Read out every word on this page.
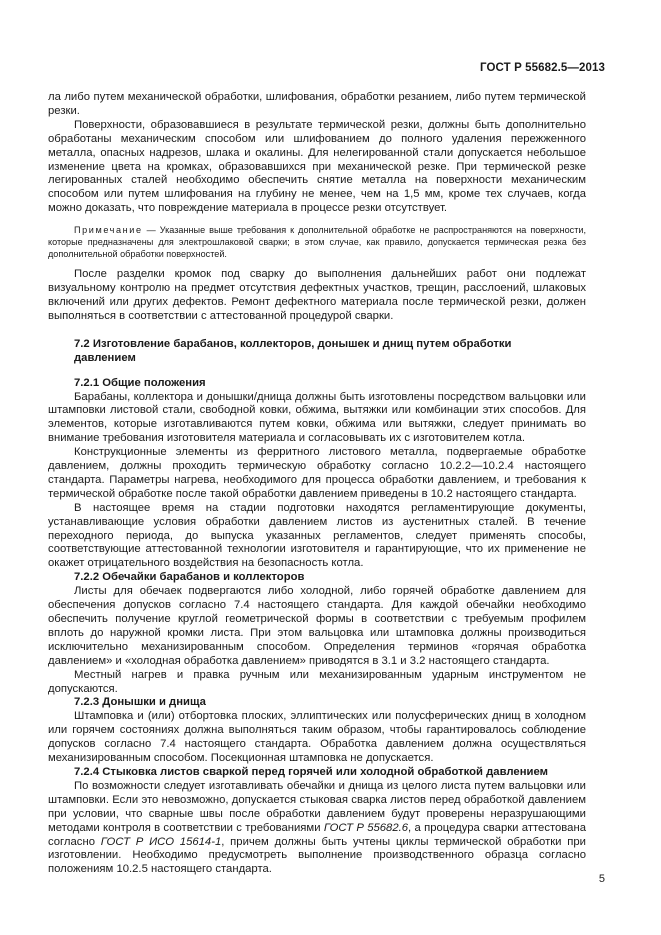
ГОСТ Р 55682.5—2013

ла либо путем механической обработки, шлифования, обработки резанием, либо путем термической резки.

Поверхности, образовавшиеся в результате термической резки, должны быть дополнительно обработаны механическим способом или шлифованием до полного удаления пережженного металла, опасных надрезов, шлака и окалины. Для нелегированной стали допускается небольшое изменение цвета на кромках, образовавшихся при механической резке. При термической резке легированных сталей необходимо обеспечить снятие металла на поверхности механическим способом или путем шлифования на глубину не менее, чем на 1,5 мм, кроме тех случаев, когда можно доказать, что повреждение материала в процессе резки отсутствует.

Примечание — Указанные выше требования к дополнительной обработке не распространяются на поверхности, которые предназначены для электрошлаковой сварки; в этом случае, как правило, допускается термическая резка без дополнительной обработки поверхностей.

После разделки кромок под сварку до выполнения дальнейших работ они подлежат визуальному контролю на предмет отсутствия дефектных участков, трещин, расслоений, шлаковых включений или других дефектов. Ремонт дефектного материала после термической резки, должен выполняться в соответствии с аттестованной процедурой сварки.

7.2 Изготовление барабанов, коллекторов, донышек и днищ путем обработки давлением
7.2.1 Общие положения

Барабаны, коллектора и донышки/днища должны быть изготовлены посредством вальцовки или штамповки листовой стали, свободной ковки, обжима, вытяжки или комбинации этих способов. Для элементов, которые изготавливаются путем ковки, обжима или вытяжки, следует принимать во внимание требования изготовителя материала и согласовывать их с изготовителем котла.

Конструкционные элементы из ферритного листового металла, подвергаемые обработке давлением, должны проходить термическую обработку согласно 10.2.2—10.2.4 настоящего стандарта. Параметры нагрева, необходимого для процесса обработки давлением, и требования к термической обработке после такой обработки давлением приведены в 10.2 настоящего стандарта.

В настоящее время на стадии подготовки находятся регламентирующие документы, устанавливающие условия обработки давлением листов из аустенитных сталей. В течение переходного периода, до выпуска указанных регламентов, следует применять способы, соответствующие аттестованной технологии изготовителя и гарантирующие, что их применение не окажет отрицательного воздействия на безопасность котла.

7.2.2 Обечайки барабанов и коллекторов

Листы для обечаек подвергаются либо холодной, либо горячей обработке давлением для обеспечения допусков согласно 7.4 настоящего стандарта. Для каждой обечайки необходимо обеспечить получение круглой геометрической формы в соответствии с требуемым профилем вплоть до наружной кромки листа. При этом вальцовка или штамповка должны производиться исключительно механизированным способом. Определения терминов «горячая обработка давлением» и «холодная обработка давлением» приводятся в 3.1 и 3.2 настоящего стандарта.

Местный нагрев и правка ручным или механизированным ударным инструментом не допускаются.

7.2.3 Донышки и днища

Штамповка и (или) отбортовка плоских, эллиптических или полусферических днищ в холодном или горячем состояниях должна выполняться таким образом, чтобы гарантировалось соблюдение допусков согласно 7.4 настоящего стандарта. Обработка давлением должна осуществляться механизированным способом. Посекционная штамповка не допускается.

7.2.4 Стыковка листов сваркой перед горячей или холодной обработкой давлением

По возможности следует изготавливать обечайки и днища из целого листа путем вальцовки или штамповки. Если это невозможно, допускается стыковая сварка листов перед обработкой давлением при условии, что сварные швы после обработки давлением будут проверены неразрушающими методами контроля в соответствии с требованиями ГОСТ Р 55682.6, а процедура сварки аттестована согласно ГОСТ Р ИСО 15614-1, причем должны быть учтены циклы термической обработки при изготовлении. Необходимо предусмотреть выполнение производственного образца согласно положениям 10.2.5 настоящего стандарта.

5
